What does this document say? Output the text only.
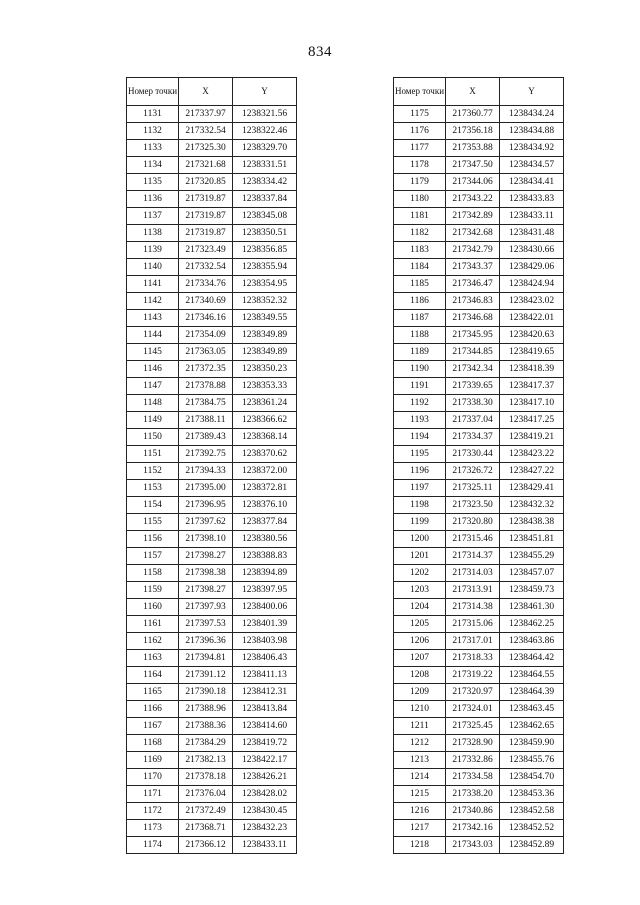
834
Номер точки	X	Y
1131	217337.97	1238321.56
1132	217332.54	1238322.46
1133	217325.30	1238329.70
1134	217321.68	1238331.51
1135	217320.85	1238334.42
1136	217319.87	1238337.84
1137	217319.87	1238345.08
1138	217319.87	1238350.51
1139	217323.49	1238356.85
1140	217332.54	1238355.94
1141	217334.76	1238354.95
1142	217340.69	1238352.32
1143	217346.16	1238349.55
1144	217354.09	1238349.89
1145	217363.05	1238349.89
1146	217372.35	1238350.23
1147	217378.88	1238353.33
1148	217384.75	1238361.24
1149	217388.11	1238366.62
1150	217389.43	1238368.14
1151	217392.75	1238370.62
1152	217394.33	1238372.00
1153	217395.00	1238372.81
1154	217396.95	1238376.10
1155	217397.62	1238377.84
1156	217398.10	1238380.56
1157	217398.27	1238388.83
1158	217398.38	1238394.89
1159	217398.27	1238397.95
1160	217397.93	1238400.06
1161	217397.53	1238401.39
1162	217396.36	1238403.98
1163	217394.81	1238406.43
1164	217391.12	1238411.13
1165	217390.18	1238412.31
1166	217388.96	1238413.84
1167	217388.36	1238414.60
1168	217384.29	1238419.72
1169	217382.13	1238422.17
1170	217378.18	1238426.21
1171	217376.04	1238428.02
1172	217372.49	1238430.45
1173	217368.71	1238432.23
1174	217366.12	1238433.11
Номер точки	X	Y
1175	217360.77	1238434.24
1176	217356.18	1238434.88
1177	217353.88	1238434.92
1178	217347.50	1238434.57
1179	217344.06	1238434.41
1180	217343.22	1238433.83
1181	217342.89	1238433.11
1182	217342.68	1238431.48
1183	217342.79	1238430.66
1184	217343.37	1238429.06
1185	217346.47	1238424.94
1186	217346.83	1238423.02
1187	217346.68	1238422.01
1188	217345.95	1238420.63
1189	217344.85	1238419.65
1190	217342.34	1238418.39
1191	217339.65	1238417.37
1192	217338.30	1238417.10
1193	217337.04	1238417.25
1194	217334.37	1238419.21
1195	217330.44	1238423.22
1196	217326.72	1238427.22
1197	217325.11	1238429.41
1198	217323.50	1238432.32
1199	217320.80	1238438.38
1200	217315.46	1238451.81
1201	217314.37	1238455.29
1202	217314.03	1238457.07
1203	217313.91	1238459.73
1204	217314.38	1238461.30
1205	217315.06	1238462.25
1206	217317.01	1238463.86
1207	217318.33	1238464.42
1208	217319.22	1238464.55
1209	217320.97	1238464.39
1210	217324.01	1238463.45
1211	217325.45	1238462.65
1212	217328.90	1238459.90
1213	217332.86	1238455.76
1214	217334.58	1238454.70
1215	217338.20	1238453.36
1216	217340.86	1238452.58
1217	217342.16	1238452.52
1218	217343.03	1238452.89
